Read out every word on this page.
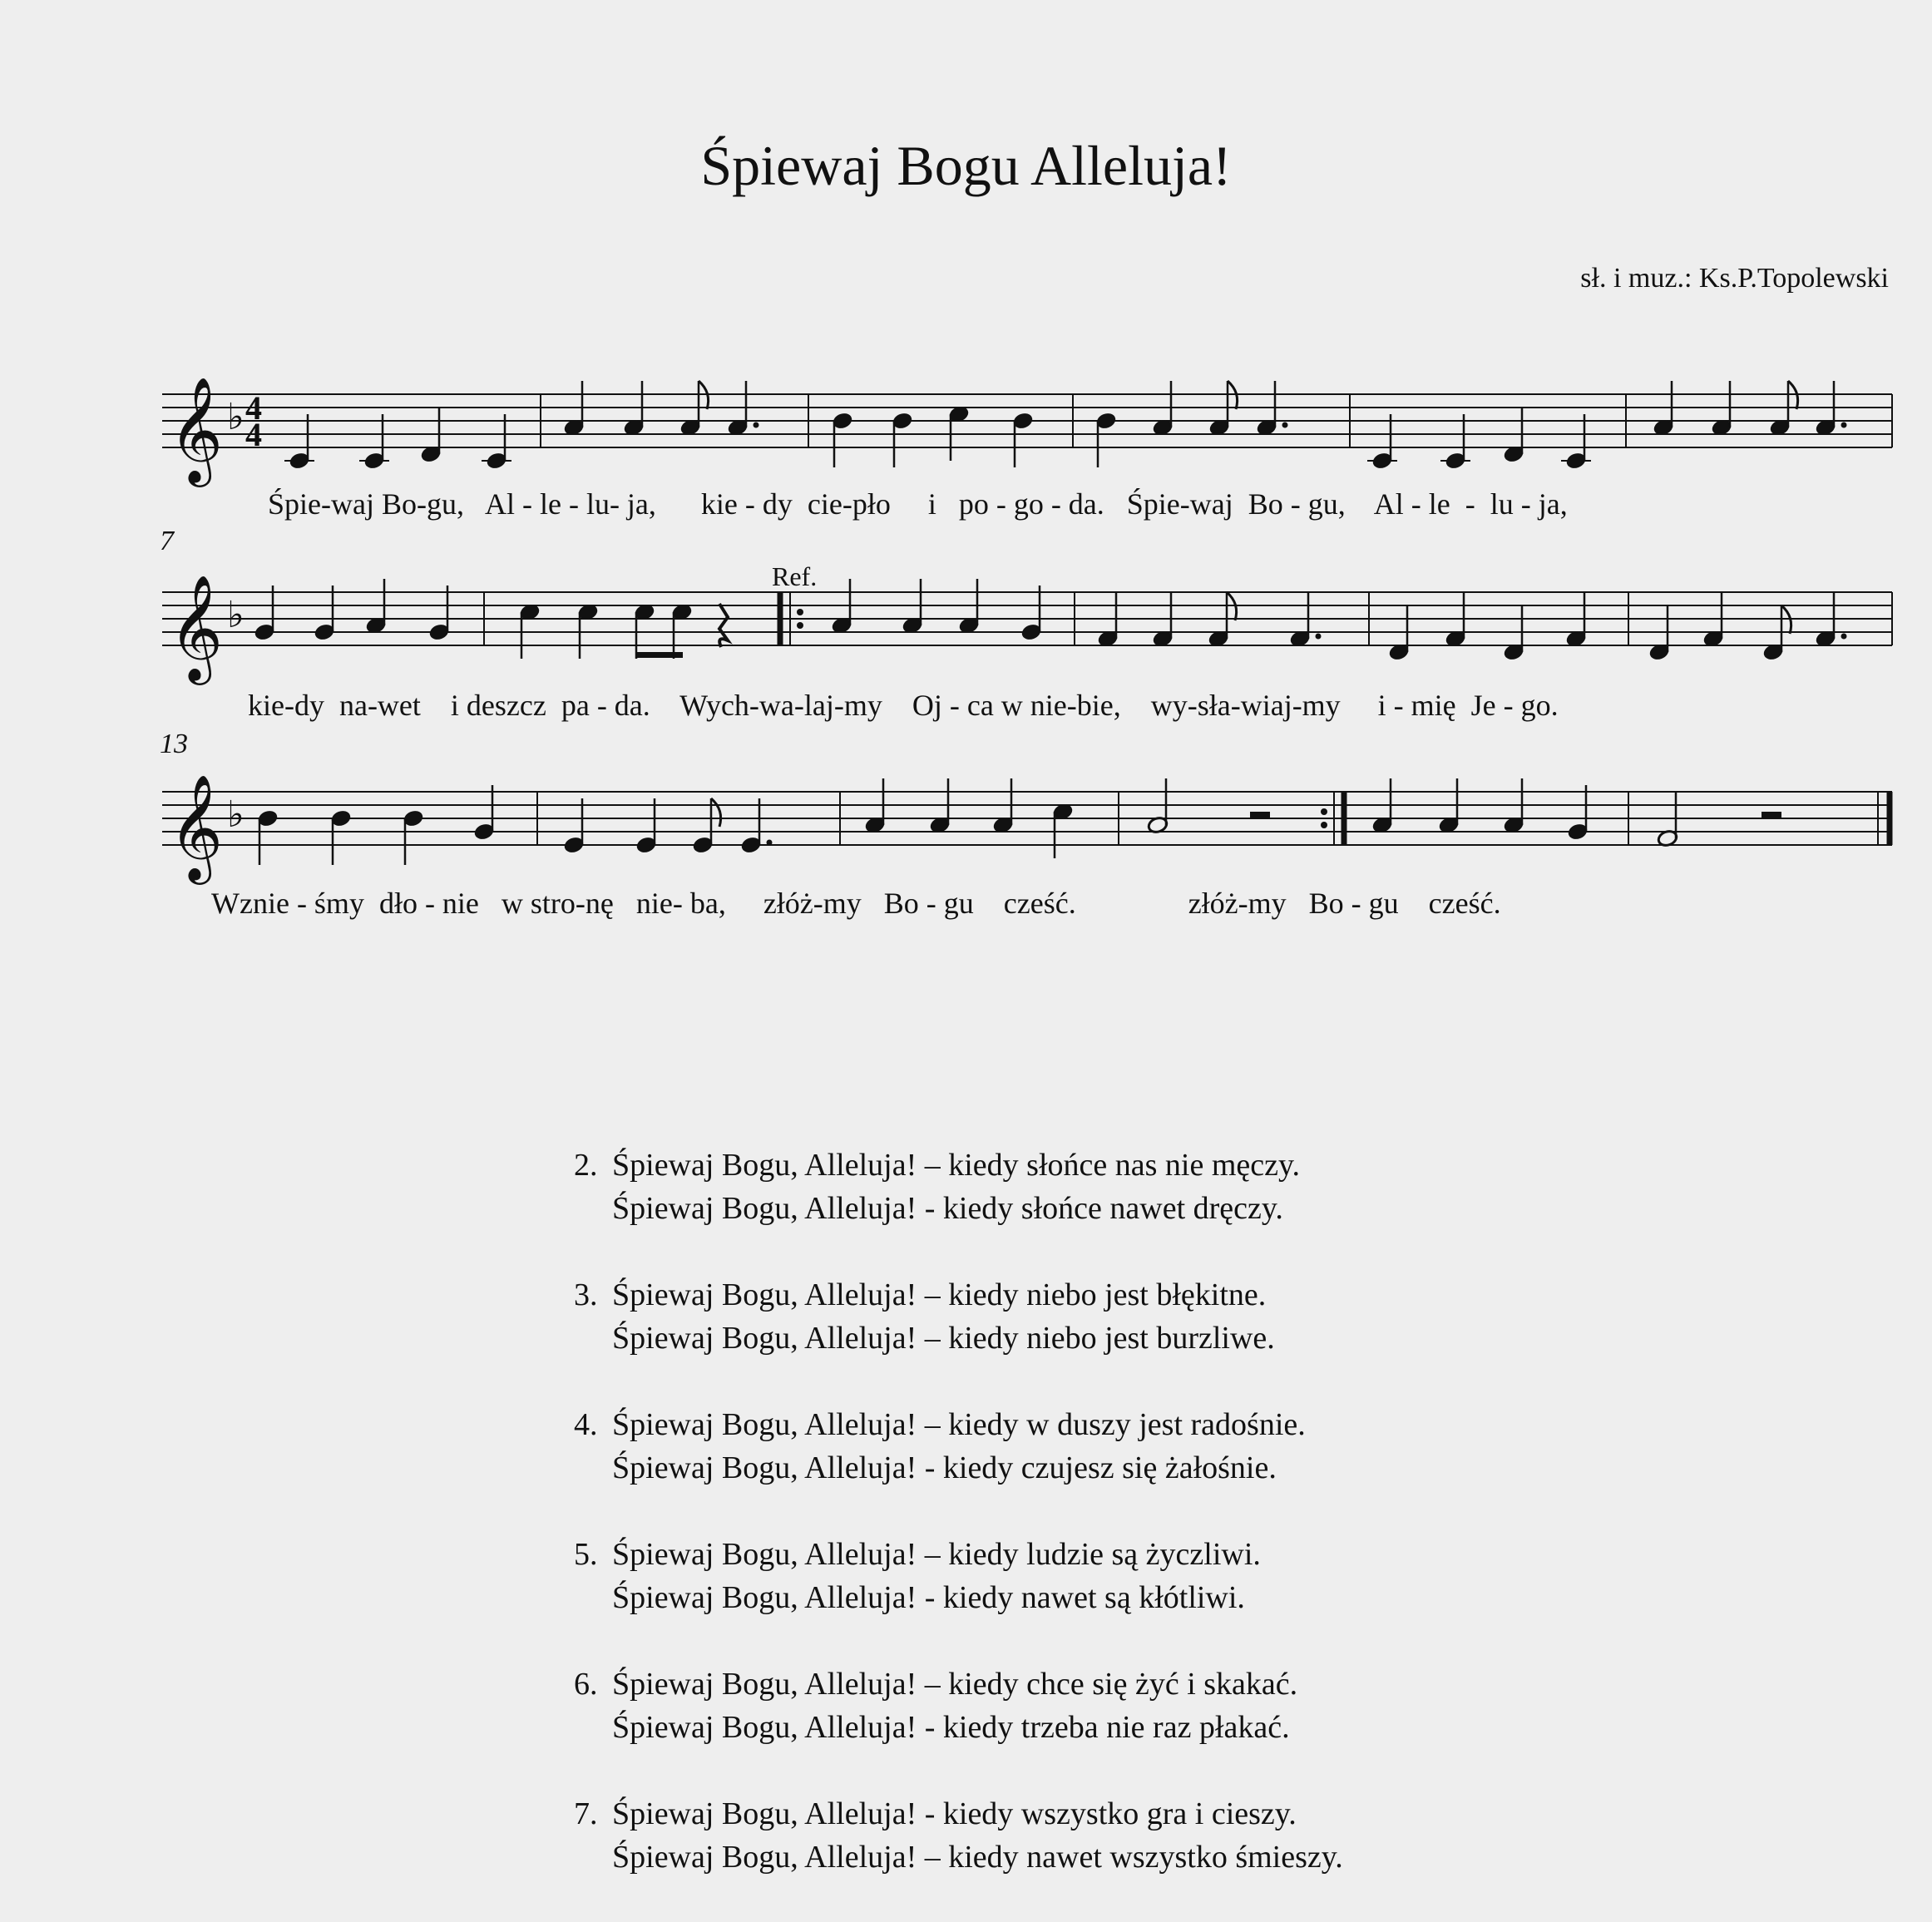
Śpiewaj Bogu Alleluja!
sł. i muz.: Ks.P.Topolewski
𝄞 ♭ 4
4
𝄞 ♭
𝄞 ♭
7
13
Ref.
Śpie-waj Bo-gu,   Al - le - lu- ja,      kie - dy  cie-pło     i   po - go - da.   Śpie-waj  Bo - gu,    Al - le  -  lu - ja,
kie-dy  na-wet    i deszcz  pa - da.    Wych-wa-laj-my    Oj - ca w nie-bie,    wy-sła-wiaj-my     i - mię  Je - go.
Wznie - śmy  dło - nie   w stro-nę   nie- ba,     złóż-my   Bo - gu    cześć.               złóż-my   Bo - gu    cześć.
2. Śpiewaj Bogu, Alleluja! – kiedy słońce nas nie męczy.
Śpiewaj Bogu, Alleluja! - kiedy słońce nawet dręczy.
3. Śpiewaj Bogu, Alleluja! – kiedy niebo jest błękitne.
Śpiewaj Bogu, Alleluja! – kiedy niebo jest burzliwe.
4. Śpiewaj Bogu, Alleluja! – kiedy w duszy jest radośnie.
Śpiewaj Bogu, Alleluja! - kiedy czujesz się żałośnie.
5. Śpiewaj Bogu, Alleluja! – kiedy ludzie są życzliwi.
Śpiewaj Bogu, Alleluja! - kiedy nawet są kłótliwi.
6. Śpiewaj Bogu, Alleluja! – kiedy chce się żyć i skakać.
Śpiewaj Bogu, Alleluja! - kiedy trzeba nie raz płakać.
7. Śpiewaj Bogu, Alleluja! - kiedy wszystko gra i cieszy.
Śpiewaj Bogu, Alleluja! – kiedy nawet wszystko śmieszy.
